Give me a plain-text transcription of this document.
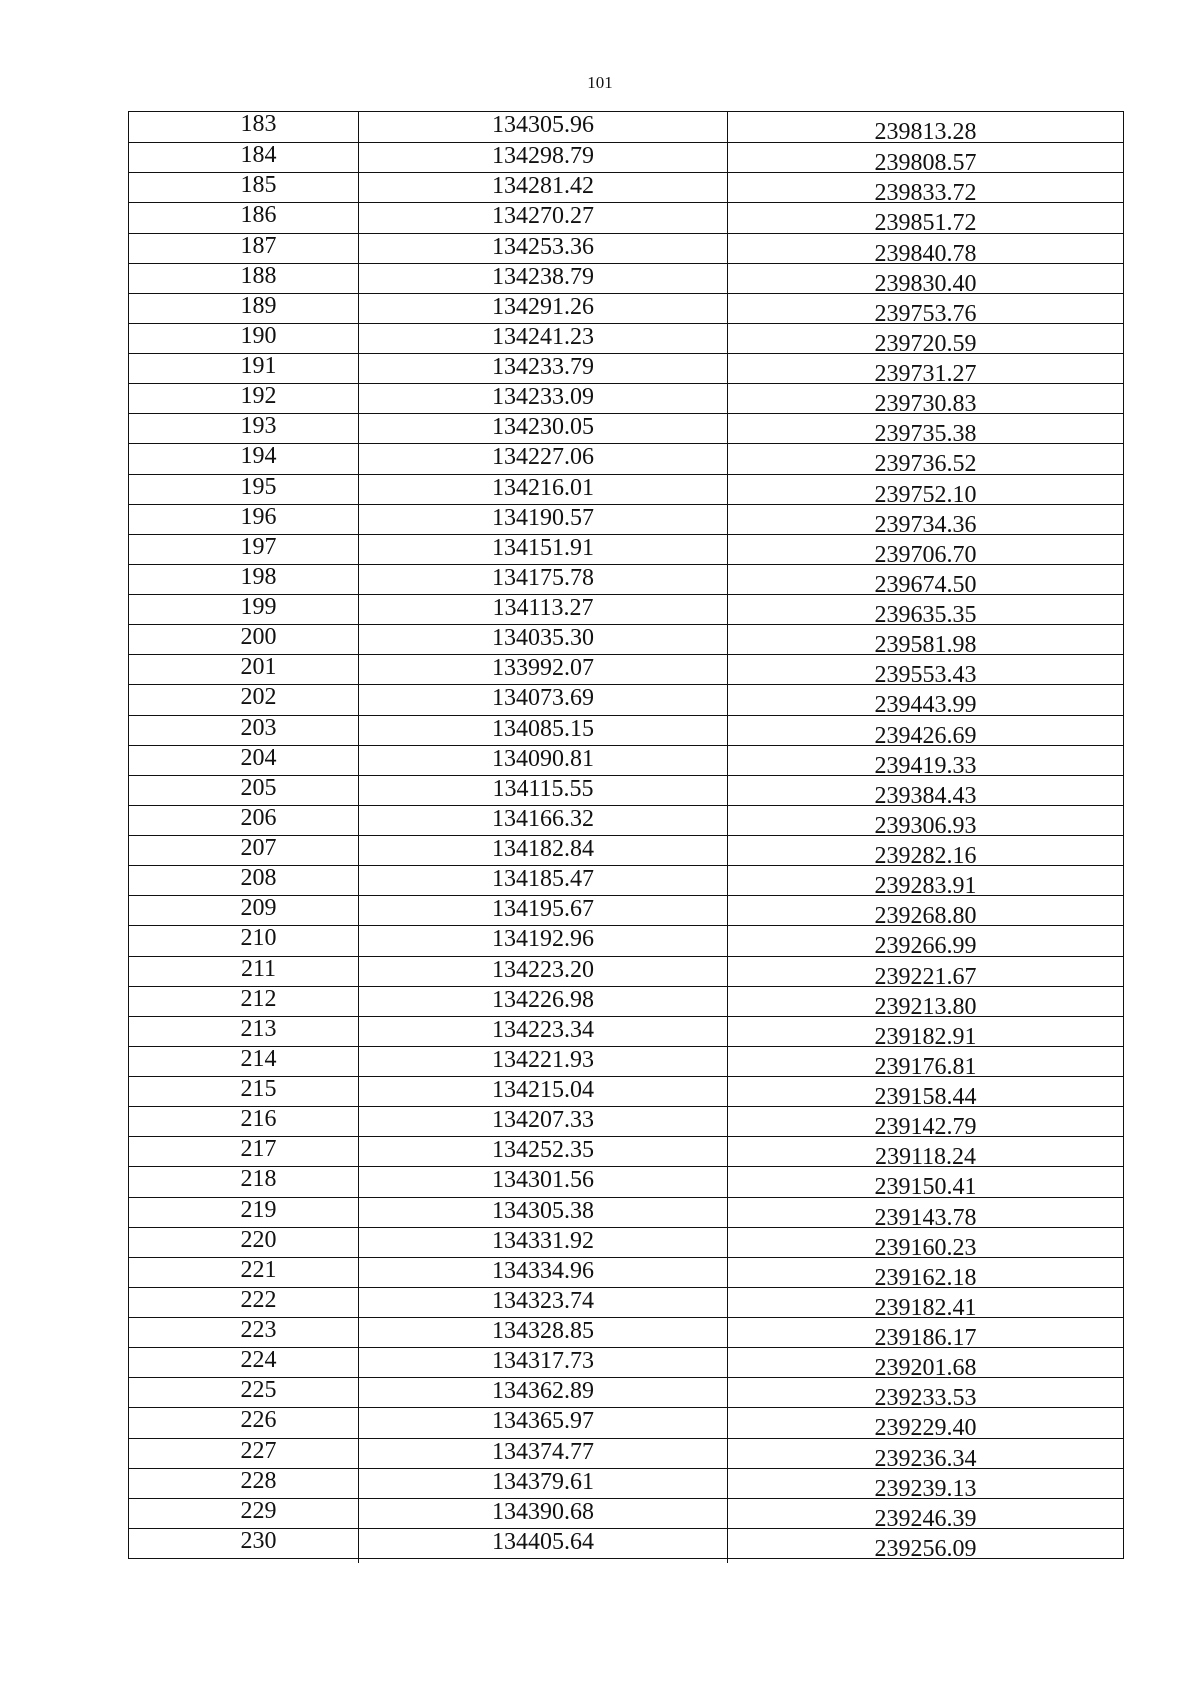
101
183	134305.96	239813.28
184	134298.79	239808.57
185	134281.42	239833.72
186	134270.27	239851.72
187	134253.36	239840.78
188	134238.79	239830.40
189	134291.26	239753.76
190	134241.23	239720.59
191	134233.79	239731.27
192	134233.09	239730.83
193	134230.05	239735.38
194	134227.06	239736.52
195	134216.01	239752.10
196	134190.57	239734.36
197	134151.91	239706.70
198	134175.78	239674.50
199	134113.27	239635.35
200	134035.30	239581.98
201	133992.07	239553.43
202	134073.69	239443.99
203	134085.15	239426.69
204	134090.81	239419.33
205	134115.55	239384.43
206	134166.32	239306.93
207	134182.84	239282.16
208	134185.47	239283.91
209	134195.67	239268.80
210	134192.96	239266.99
211	134223.20	239221.67
212	134226.98	239213.80
213	134223.34	239182.91
214	134221.93	239176.81
215	134215.04	239158.44
216	134207.33	239142.79
217	134252.35	239118.24
218	134301.56	239150.41
219	134305.38	239143.78
220	134331.92	239160.23
221	134334.96	239162.18
222	134323.74	239182.41
223	134328.85	239186.17
224	134317.73	239201.68
225	134362.89	239233.53
226	134365.97	239229.40
227	134374.77	239236.34
228	134379.61	239239.13
229	134390.68	239246.39
230	134405.64	239256.09
